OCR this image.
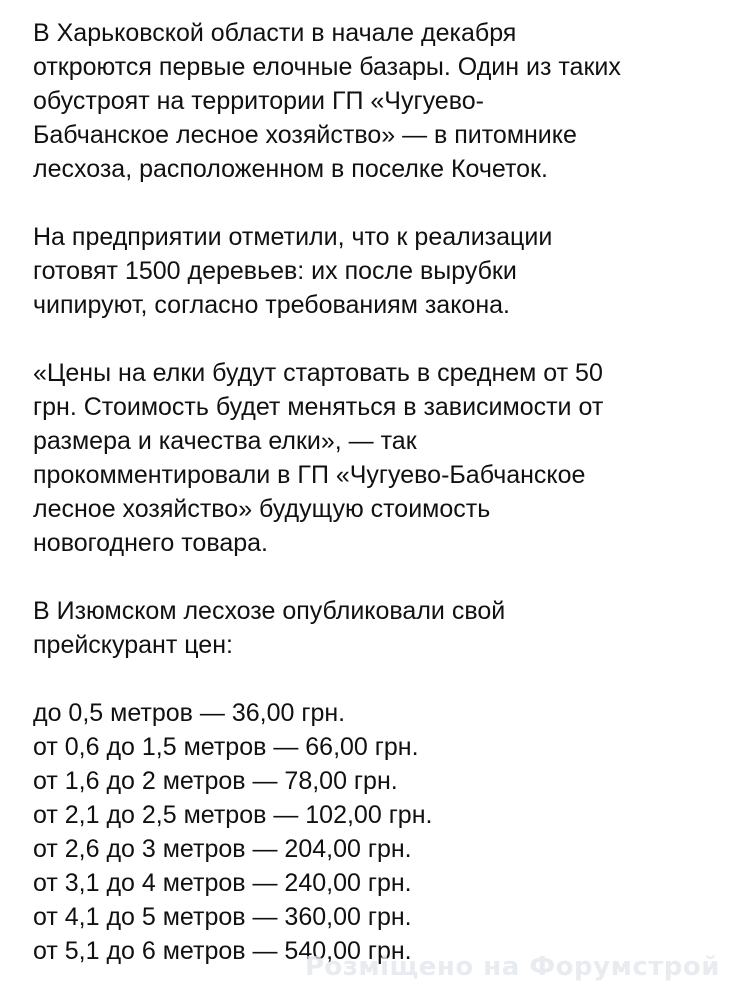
В Харьковской области в начале декабря
откроются первые елочные базары. Один из таких
обустроят на территории ГП «Чугуево-
Бабчанское лесное хозяйство» — в питомнике
лесхоза, расположенном в поселке Кочеток.

На предприятии отметили, что к реализации
готовят 1500 деревьев: их после вырубки
чипируют, согласно требованиям закона.

«Цены на елки будут стартовать в среднем от 50
грн. Стоимость будет меняться в зависимости от
размера и качества елки», — так
прокомментировали в ГП «Чугуево-Бабчанское
лесное хозяйство» будущую стоимость
новогоднего товара.

В Изюмском лесхозе опубликовали свой
прейскурант цен:

до 0,5 метров — 36,00 грн.
от 0,6 до 1,5 метров — 66,00 грн.
от 1,6 до 2 метров — 78,00 грн.
от 2,1 до 2,5 метров — 102,00 грн.
от 2,6 до 3 метров — 204,00 грн.
от 3,1 до 4 метров — 240,00 грн.
от 4,1 до 5 метров — 360,00 грн.
от 5,1 до 6 метров — 540,00 грн.
Розміщено на Форумстрой
